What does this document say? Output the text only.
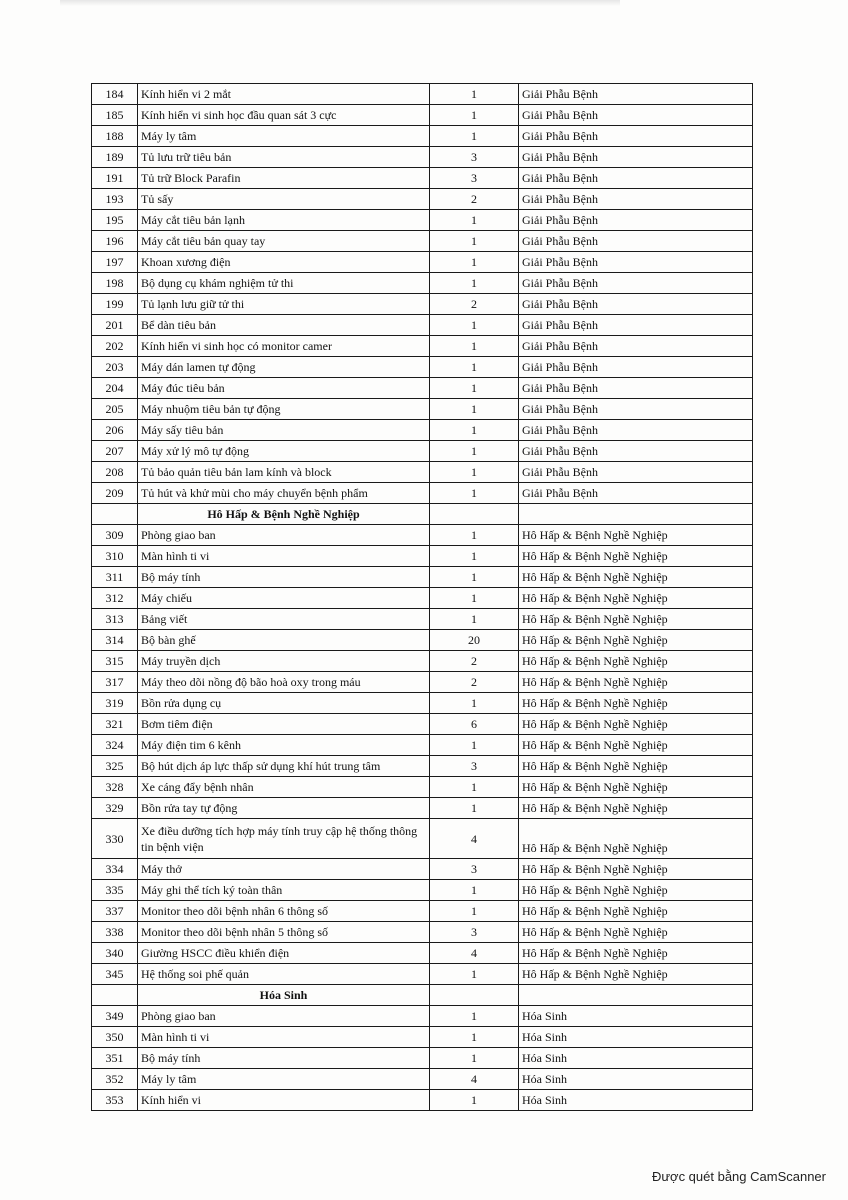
184	Kính hiển vi 2 mắt	1	Giải Phẫu Bệnh
185	Kính hiển vi sinh học đầu quan sát 3 cực	1	Giải Phẫu Bệnh
188	Máy ly tâm	1	Giải Phẫu Bệnh
189	Tủ lưu trữ tiêu bản	3	Giải Phẫu Bệnh
191	Tủ trữ Block Parafin	3	Giải Phẫu Bệnh
193	Tủ sấy	2	Giải Phẫu Bệnh
195	Máy cắt tiêu bản lạnh	1	Giải Phẫu Bệnh
196	Máy cắt tiêu bản quay tay	1	Giải Phẫu Bệnh
197	Khoan xương điện	1	Giải Phẫu Bệnh
198	Bộ dụng cụ khám nghiệm tử thi	1	Giải Phẫu Bệnh
199	Tủ lạnh lưu giữ tử thi	2	Giải Phẫu Bệnh
201	Bể dàn tiêu bản	1	Giải Phẫu Bệnh
202	Kính hiển vi sinh học có monitor camer	1	Giải Phẫu Bệnh
203	Máy dán lamen tự động	1	Giải Phẫu Bệnh
204	Máy đúc tiêu bản	1	Giải Phẫu Bệnh
205	Máy nhuộm tiêu bản tự động	1	Giải Phẫu Bệnh
206	Máy sấy tiêu bản	1	Giải Phẫu Bệnh
207	Máy xử lý mô tự động	1	Giải Phẫu Bệnh
208	Tủ bảo quản tiêu bản lam kính và block	1	Giải Phẫu Bệnh
209	Tủ hút và khử mùi cho máy chuyển bệnh phẩm	1	Giải Phẫu Bệnh
	Hô Hấp & Bệnh Nghề Nghiệp		
309	Phòng giao ban	1	Hô Hấp & Bệnh Nghề Nghiệp
310	Màn hình ti vi	1	Hô Hấp & Bệnh Nghề Nghiệp
311	Bộ máy tính	1	Hô Hấp & Bệnh Nghề Nghiệp
312	Máy chiếu	1	Hô Hấp & Bệnh Nghề Nghiệp
313	Bảng viết	1	Hô Hấp & Bệnh Nghề Nghiệp
314	Bộ bàn ghế	20	Hô Hấp & Bệnh Nghề Nghiệp
315	Máy truyền dịch	2	Hô Hấp & Bệnh Nghề Nghiệp
317	Máy theo dõi nồng độ bão hoà oxy trong máu	2	Hô Hấp & Bệnh Nghề Nghiệp
319	Bồn rửa dụng cụ	1	Hô Hấp & Bệnh Nghề Nghiệp
321	Bơm tiêm điện	6	Hô Hấp & Bệnh Nghề Nghiệp
324	Máy điện tim 6 kênh	1	Hô Hấp & Bệnh Nghề Nghiệp
325	Bộ hút dịch áp lực thấp sử dụng khí hút trung tâm	3	Hô Hấp & Bệnh Nghề Nghiệp
328	Xe cáng đẩy bệnh nhân	1	Hô Hấp & Bệnh Nghề Nghiệp
329	Bồn rửa tay tự động	1	Hô Hấp & Bệnh Nghề Nghiệp
330	Xe điều dưỡng tích hợp máy tính truy cập hệ thống thông tin bệnh viện	4	Hô Hấp & Bệnh Nghề Nghiệp
334	Máy thở	3	Hô Hấp & Bệnh Nghề Nghiệp
335	Máy ghi thể tích ký toàn thân	1	Hô Hấp & Bệnh Nghề Nghiệp
337	Monitor theo dõi bệnh nhân 6 thông số	1	Hô Hấp & Bệnh Nghề Nghiệp
338	Monitor theo dõi bệnh nhân 5 thông số	3	Hô Hấp & Bệnh Nghề Nghiệp
340	Giường HSCC điều khiển điện	4	Hô Hấp & Bệnh Nghề Nghiệp
345	Hệ thống soi phế quản	1	Hô Hấp & Bệnh Nghề Nghiệp
	Hóa Sinh		
349	Phòng giao ban	1	Hóa Sinh
350	Màn hình ti vi	1	Hóa Sinh
351	Bộ máy tính	1	Hóa Sinh
352	Máy ly tâm	4	Hóa Sinh
353	Kính hiển vi	1	Hóa Sinh
Được quét bằng CamScanner
